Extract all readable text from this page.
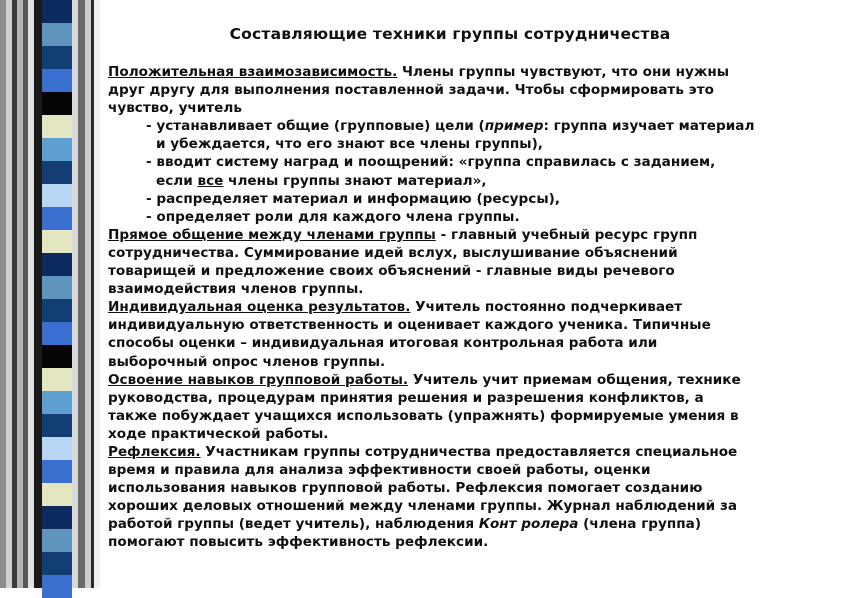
Составляющие техники группы сотрудничества

Положительная взаимозависимость. Члены группы чувствуют, что они нужны

друг другу для выполнения поставленной задачи. Чтобы сформировать это

чувство, учитель

- устанавливает общие (групповые) цели (пример: группа изучает материал

и убеждается, что его знают все члены группы),

- вводит систему наград и поощрений: «группа справилась с заданием,

если все члены группы знают материал»,

- распределяет материал и информацию (ресурсы),

- определяет роли для каждого члена группы.

Прямое общение между членами группы - главный учебный ресурс групп

сотрудничества. Суммирование идей вслух, выслушивание объяснений

товарищей и предложение своих объяснений - главные виды речевого

взаимодействия членов группы.

Индивидуальная оценка результатов. Учитель постоянно подчеркивает

индивидуальную ответственность и оценивает каждого ученика. Типичные

способы оценки – индивидуальная итоговая контрольная работа или

выборочный опрос членов группы.

Освоение навыков групповой работы. Учитель учит приемам общения, технике

руководства, процедурам принятия решения и разрешения конфликтов, а

также побуждает учащихся использовать (упражнять) формируемые умения в

ходе практической работы.

Рефлексия. Участникам группы сотрудничества предоставляется специальное

время и правила для анализа эффективности своей работы, оценки

использования навыков групповой работы. Рефлексия помогает созданию

хороших деловых отношений между членами группы. Журнал наблюдений за

работой группы (ведет учитель), наблюдения Конт ролера (члена группа)

помогают повысить эффективность рефлексии.
